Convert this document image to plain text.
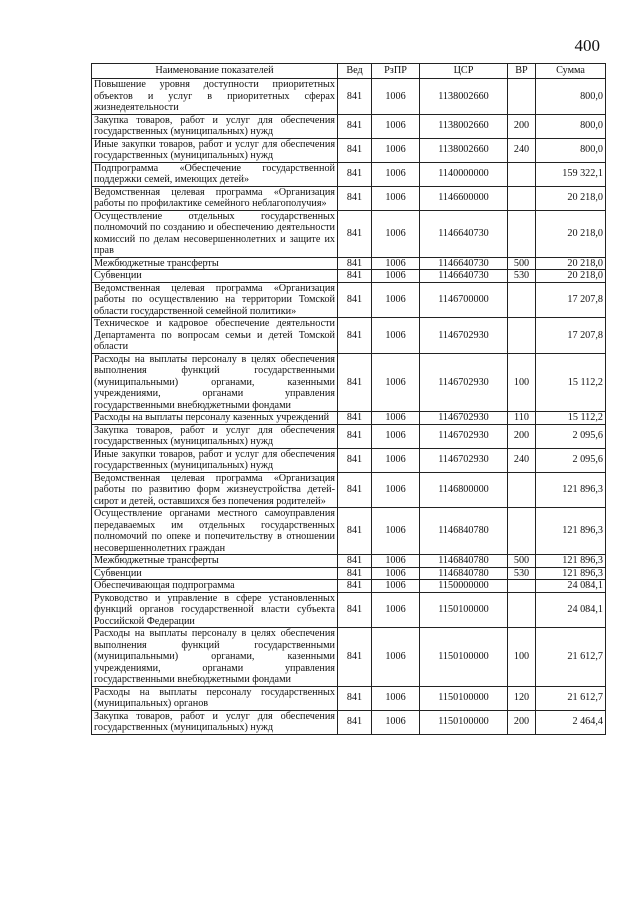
400
Наименование показателей	Вед	РзПР	ЦСР	ВР	Сумма
Повышение уровня доступности приоритетных объектов и услуг в приоритетных сферах жизнедеятельности	841	1006	1138002660		800,0
Закупка товаров, работ и услуг для обеспечения государственных (муниципальных) нужд	841	1006	1138002660	200	800,0
Иные закупки товаров, работ и услуг для обеспечения государственных (муниципальных) нужд	841	1006	1138002660	240	800,0
Подпрограмма «Обеспечение государственной поддержки семей, имеющих детей»	841	1006	1140000000		159 322,1
Ведомственная целевая программа «Организация работы по профилактике семейного неблагополучия»	841	1006	1146600000		20 218,0
Осуществление отдельных государственных полномочий по созданию и обеспечению деятельности комиссий по делам несовершеннолетних и защите их прав	841	1006	1146640730		20 218,0
Межбюджетные трансферты	841	1006	1146640730	500	20 218,0
Субвенции	841	1006	1146640730	530	20 218,0
Ведомственная целевая программа «Организация работы по осуществлению на территории Томской области государственной семейной политики»	841	1006	1146700000		17 207,8
Техническое и кадровое обеспечение деятельности Департамента по вопросам семьи и детей Томской области	841	1006	1146702930		17 207,8
Расходы на выплаты персоналу в целях обеспечения выполнения функций государственными (муниципальными) органами, казенными учреждениями, органами управления государственными внебюджетными фондами	841	1006	1146702930	100	15 112,2
Расходы на выплаты персоналу казенных учреждений	841	1006	1146702930	110	15 112,2
Закупка товаров, работ и услуг для обеспечения государственных (муниципальных) нужд	841	1006	1146702930	200	2 095,6
Иные закупки товаров, работ и услуг для обеспечения государственных (муниципальных) нужд	841	1006	1146702930	240	2 095,6
Ведомственная целевая программа «Организация работы по развитию форм жизнеустройства детей-сирот и детей, оставшихся без попечения родителей»	841	1006	1146800000		121 896,3
Осуществление органами местного самоуправления передаваемых им отдельных государственных полномочий по опеке и попечительству в отношении несовершеннолетних граждан	841	1006	1146840780		121 896,3
Межбюджетные трансферты	841	1006	1146840780	500	121 896,3
Субвенции	841	1006	1146840780	530	121 896,3
Обеспечивающая подпрограмма	841	1006	1150000000		24 084,1
Руководство и управление в сфере установленных функций органов государственной власти субъекта Российской Федерации	841	1006	1150100000		24 084,1
Расходы на выплаты персоналу в целях обеспечения выполнения функций государственными (муниципальными) органами, казенными учреждениями, органами управления государственными внебюджетными фондами	841	1006	1150100000	100	21 612,7
Расходы на выплаты персоналу государственных (муниципальных) органов	841	1006	1150100000	120	21 612,7
Закупка товаров, работ и услуг для обеспечения государственных (муниципальных) нужд	841	1006	1150100000	200	2 464,4
